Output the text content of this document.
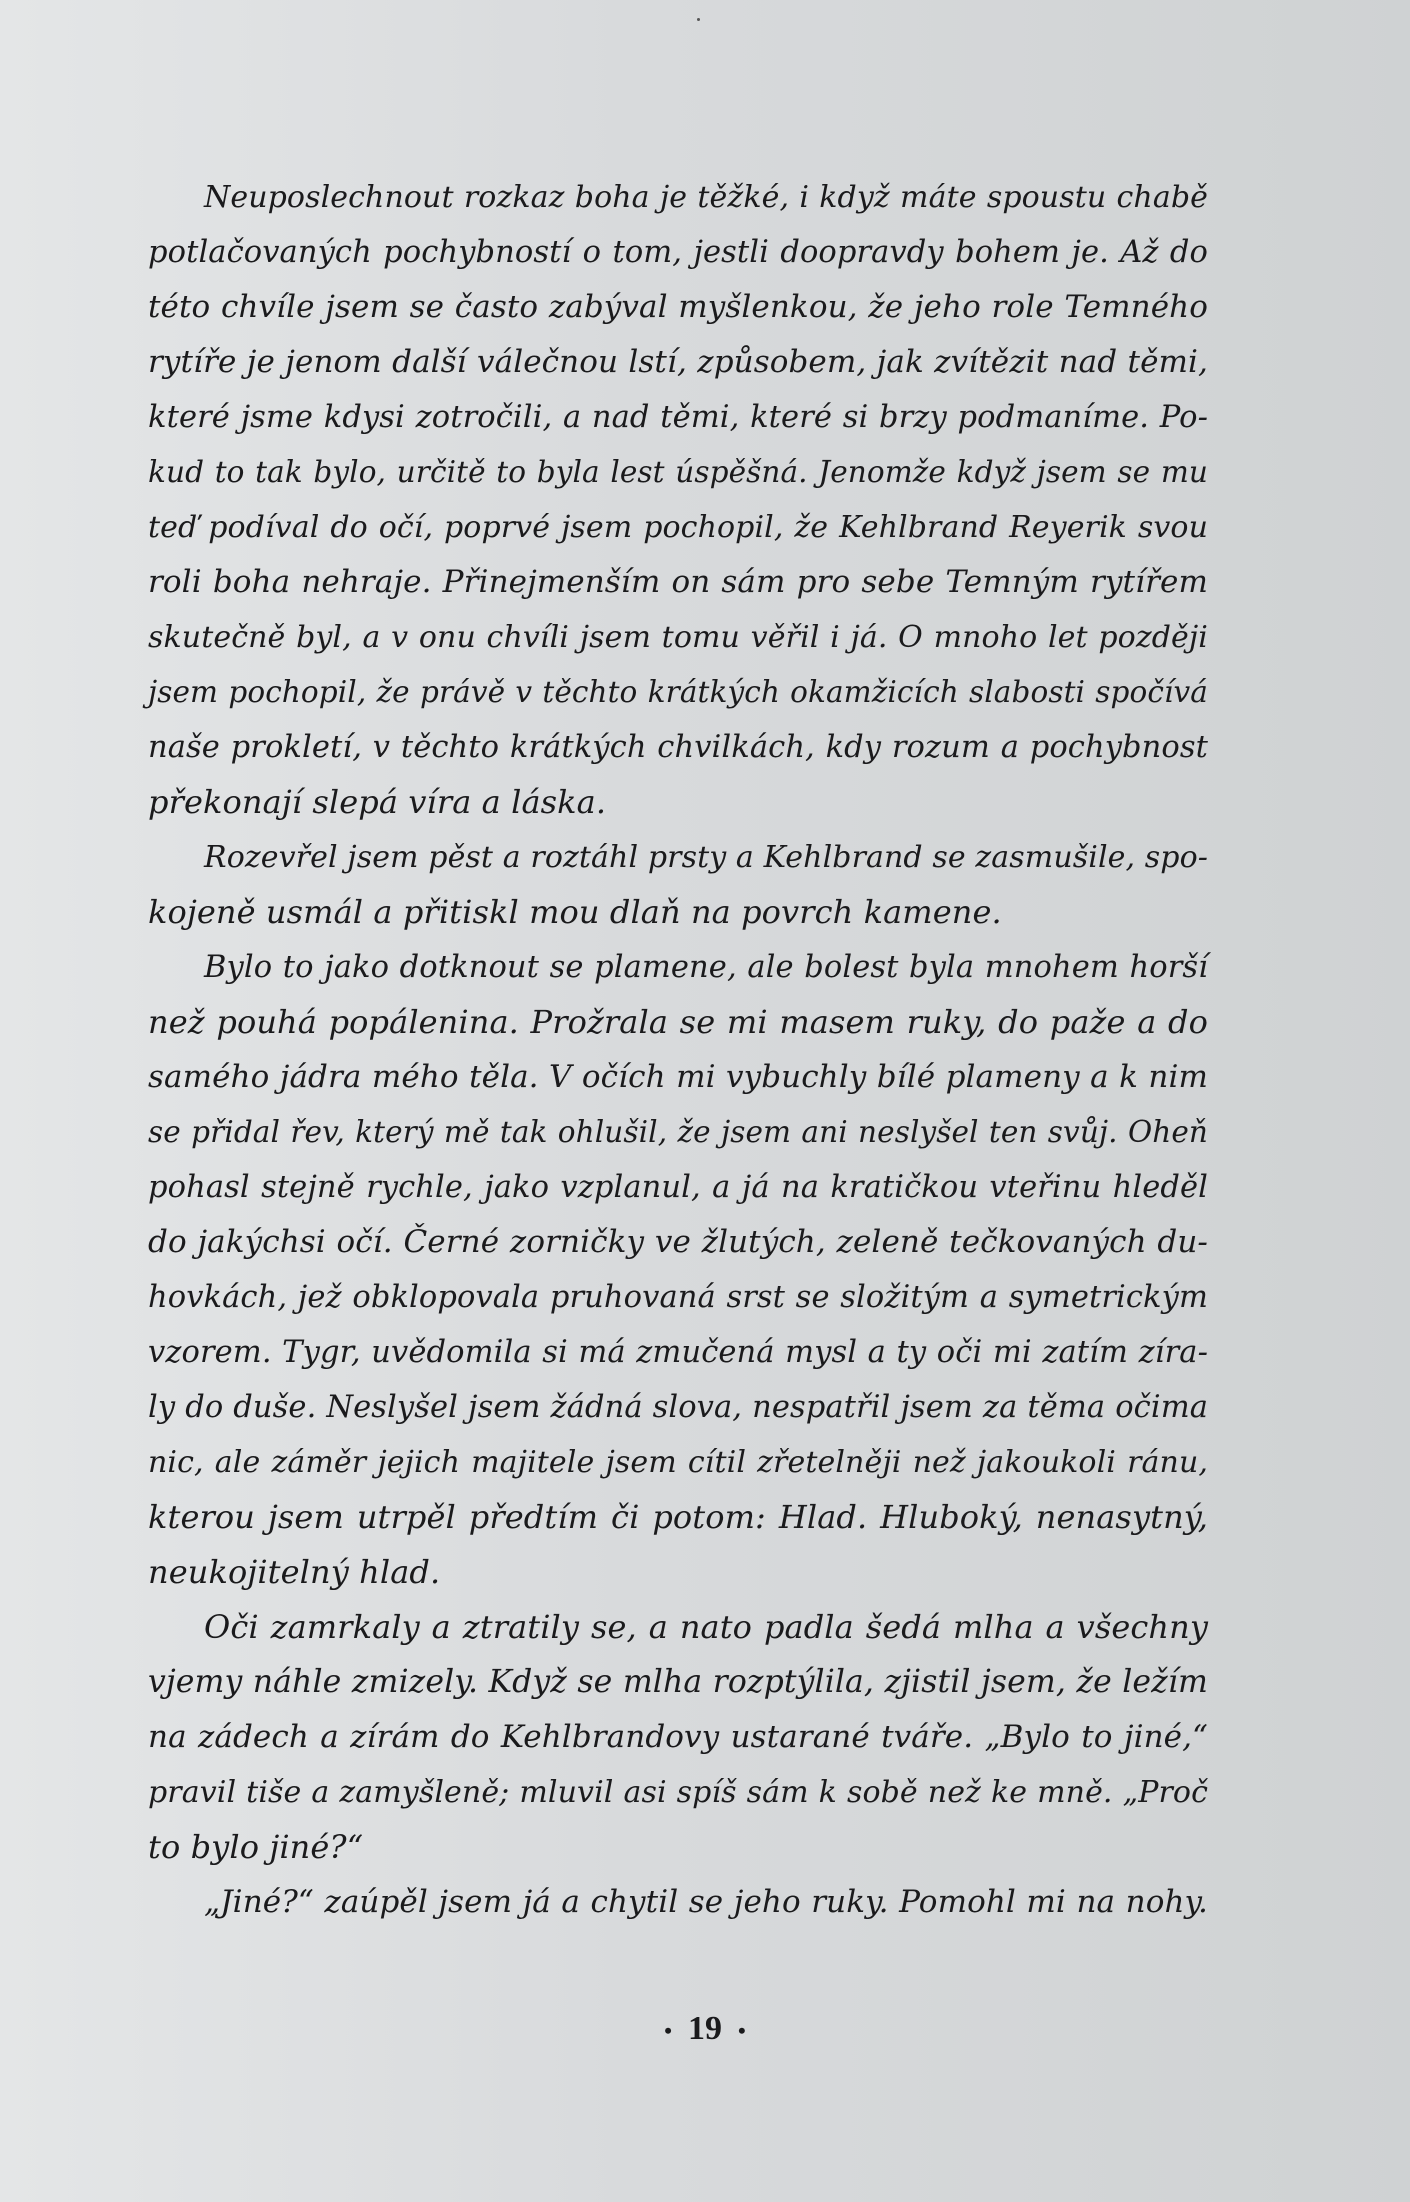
Neuposlechnout rozkaz boha je těžké, i když máte spoustu chabě
potlačovaných pochybností o tom, jestli doopravdy bohem je. Až do
této chvíle jsem se často zabýval myšlenkou, že jeho role Temného
rytíře je jenom další válečnou lstí, způsobem, jak zvítězit nad těmi,
které jsme kdysi zotročili, a nad těmi, které si brzy podmaníme. Po-
kud to tak bylo, určitě to byla lest úspěšná. Jenomže když jsem se mu
teď podíval do očí, poprvé jsem pochopil, že Kehlbrand Reyerik svou
roli boha nehraje. Přinejmenším on sám pro sebe Temným rytířem
skutečně byl, a v onu chvíli jsem tomu věřil i já. O mnoho let později
jsem pochopil, že právě v těchto krátkých okamžicích slabosti spočívá
naše prokletí, v těchto krátkých chvilkách, kdy rozum a pochybnost
překonají slepá víra a láska.
Rozevřel jsem pěst a roztáhl prsty a Kehlbrand se zasmušile, spo-
kojeně usmál a přitiskl mou dlaň na povrch kamene.
Bylo to jako dotknout se plamene, ale bolest byla mnohem horší
než pouhá popálenina. Prožrala se mi masem ruky, do paže a do
samého jádra mého těla. V očích mi vybuchly bílé plameny a k nim
se přidal řev, který mě tak ohlušil, že jsem ani neslyšel ten svůj. Oheň
pohasl stejně rychle, jako vzplanul, a já na kratičkou vteřinu hleděl
do jakýchsi očí. Černé zorničky ve žlutých, zeleně tečkovaných du-
hovkách, jež obklopovala pruhovaná srst se složitým a symetrickým
vzorem. Tygr, uvědomila si má zmučená mysl a ty oči mi zatím zíra-
ly do duše. Neslyšel jsem žádná slova, nespatřil jsem za těma očima
nic, ale záměr jejich majitele jsem cítil zřetelněji než jakoukoli ránu,
kterou jsem utrpěl předtím či potom: Hlad. Hluboký, nenasytný,
neukojitelný hlad.
Oči zamrkaly a ztratily se, a nato padla šedá mlha a všechny
vjemy náhle zmizely. Když se mlha rozptýlila, zjistil jsem, že ležím
na zádech a zírám do Kehlbrandovy ustarané tváře. „Bylo to jiné,“
pravil tiše a zamyšleně; mluvil asi spíš sám k sobě než ke mně. „Proč
to bylo jiné?“
„Jiné?“ zaúpěl jsem já a chytil se jeho ruky. Pomohl mi na nohy.
• 19 •
